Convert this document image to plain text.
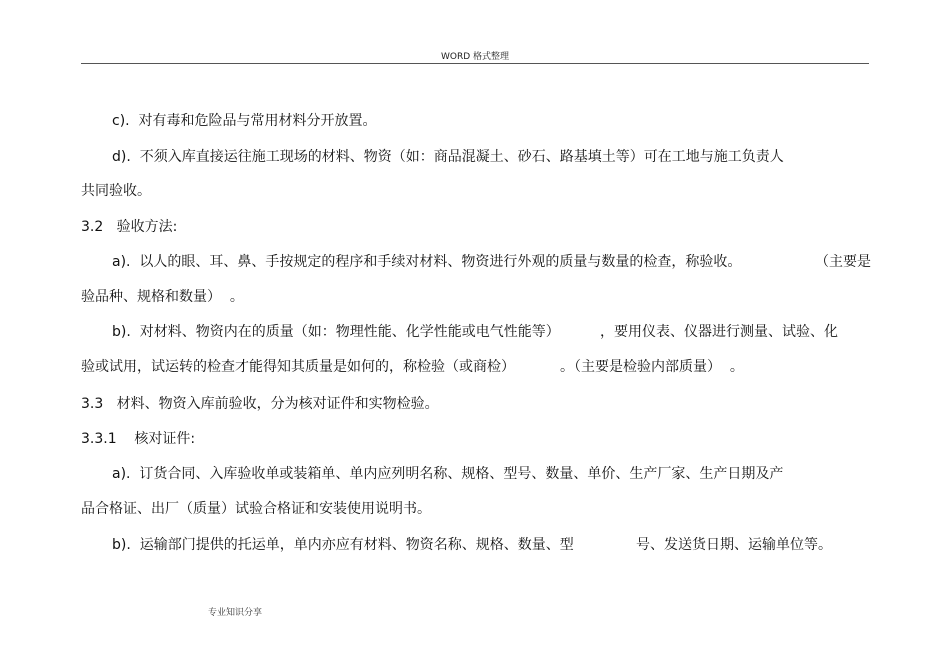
WORD 格式整理
c).  对有毒和危险品与常用材料分开放置。
d).  不须入库直接运往施工现场的材料、物资（如：商品混凝土、砂石、路基填土等）可在工地与施工负责人
共同验收。
3.2   验收方法:
a).  以人的眼、耳、鼻、手按规定的程序和手续对材料、物资进行外观的质量与数量的检查，称验收。	（主要是
验品种、规格和数量）  。
b).  对材料、物资内在的质量（如：物理性能、化学性能或电气性能等）	，要用仪表、仪器进行测量、试验、化
验或试用，试运转的检查才能得知其质量是如何的，称检验（或商检）	。（主要是检验内部质量）  。
3.3   材料、物资入库前验收，分为核对证件和实物检验。
3.3.1    核对证件:
a).  订货合同、入库验收单或装箱单、单内应列明名称、规格、型号、数量、单价、生产厂家、生产日期及产
品合格证、出厂（质量）试验合格证和安装使用说明书。
b).  运输部门提供的托运单，单内亦应有材料、物资名称、规格、数量、型	号、发送货日期、运输单位等。
专业知识分享
